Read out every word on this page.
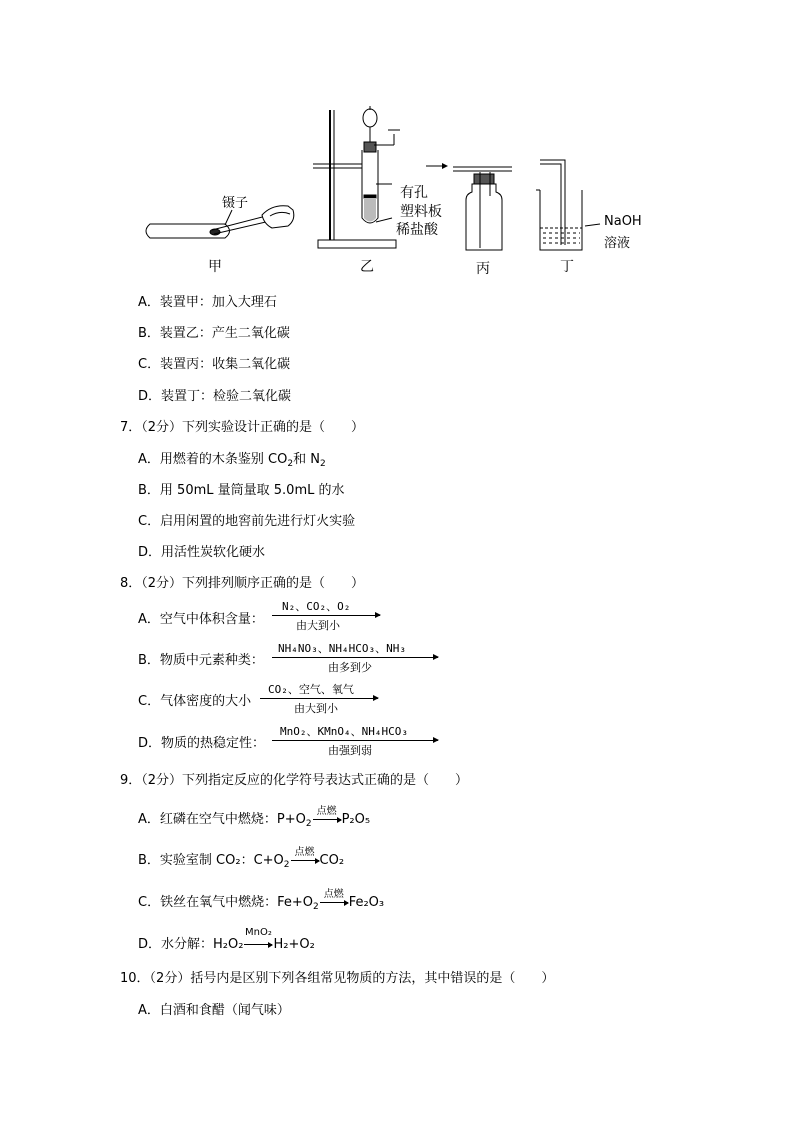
镊子
有孔
塑料板
稀盐酸
NaOH
溶液
甲	乙	丙	丁
A．装置甲：加入大理石
B．装置乙：产生二氧化碳
C．装置丙：收集二氧化碳
D．装置丁：检验二氧化碳
7．（2分）下列实验设计正确的是（　　）
A．用燃着的木条鉴别 $CO_2$和 $N_2$
B．用 50mL 量筒量取 5.0mL 的水
C．启用闲置的地窖前先进行灯火实验
D．用活性炭软化硬水
8．（2分）下列排列顺序正确的是（　　）
A．空气中体积含量：
N₂、CO₂、O₂
由大到小
B．物质中元素种类：
NH₄NO₃、NH₄HCO₃、NH₃
由多到少
C．气体密度的大小
CO₂、空气、氧气
由大到小
D．物质的热稳定性：
MnO₂、KMnO₄、NH₄HCO₃
由强到弱
9．（2分）下列指定反应的化学符号表达式正确的是（　　）
A．红磷在空气中燃烧：$P+O_2$
点燃
P₂O₅
B．实验室制 CO₂：$C+O_2$
点燃
CO₂
C．铁丝在氧气中燃烧：$Fe+O_2$
点燃
Fe₂O₃
D．水分解：H₂O₂
MnO₂
H₂+O₂
10．（2分）括号内是区别下列各组常见物质的方法，其中错误的是（　　）
A．白酒和食醋（闻气味）
